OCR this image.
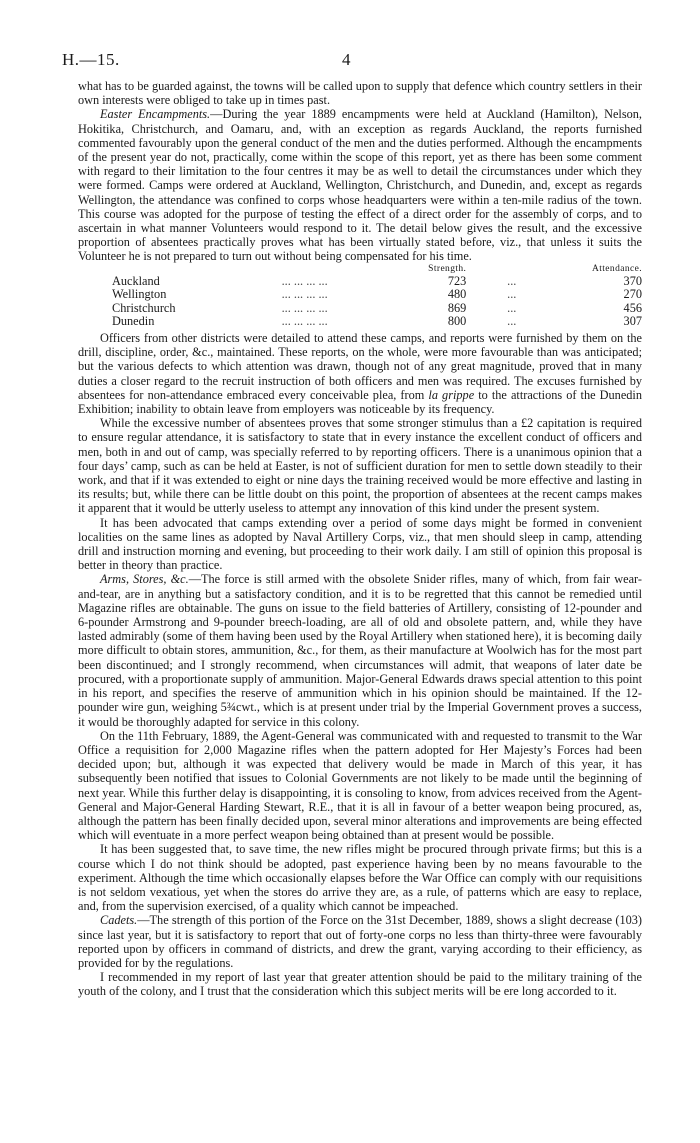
H.—15.	4

what has to be guarded against, the towns will be called upon to supply that defence which country settlers in their own interests were obliged to take up in times past.

Easter Encampments.—During the year 1889 encampments were held at Auckland (Hamilton), Nelson, Hokitika, Christchurch, and Oamaru, and, with an exception as regards Auckland, the reports furnished commented favourably upon the general conduct of the men and the duties performed. Although the encampments of the present year do not, practically, come within the scope of this report, yet as there has been some comment with regard to their limitation to the four centres it may be as well to detail the circumstances under which they were formed. Camps were ordered at Auckland, Wellington, Christchurch, and Dunedin, and, except as regards Wellington, the attendance was confined to corps whose headquarters were within a ten-mile radius of the town. This course was adopted for the purpose of testing the effect of a direct order for the assembly of corps, and to ascertain in what manner Volunteers would respond to it. The detail below gives the result, and the excessive proportion of absentees practically proves what has been virtually stated before, viz., that unless it suits the Volunteer he is not prepared to turn out without being compensated for his time.

		Strength.		Attendance.
Auckland	... ... ... ...	723	...	370
Wellington	... ... ... ...	480	...	270
Christchurch	... ... ... ...	869	...	456
Dunedin	... ... ... ...	800	...	307

Officers from other districts were detailed to attend these camps, and reports were furnished by them on the drill, discipline, order, &c., maintained. These reports, on the whole, were more favourable than was anticipated; but the various defects to which attention was drawn, though not of any great magnitude, proved that in many duties a closer regard to the recruit instruction of both officers and men was required. The excuses furnished by absentees for non-attendance embraced every conceivable plea, from la grippe to the attractions of the Dunedin Exhibition; inability to obtain leave from employers was noticeable by its frequency.

While the excessive number of absentees proves that some stronger stimulus than a £2 capitation is required to ensure regular attendance, it is satisfactory to state that in every instance the excellent conduct of officers and men, both in and out of camp, was specially referred to by reporting officers. There is a unanimous opinion that a four days’ camp, such as can be held at Easter, is not of sufficient duration for men to settle down steadily to their work, and that if it was extended to eight or nine days the training received would be more effective and lasting in its results; but, while there can be little doubt on this point, the proportion of absentees at the recent camps makes it apparent that it would be utterly useless to attempt any innovation of this kind under the present system.

It has been advocated that camps extending over a period of some days might be formed in convenient localities on the same lines as adopted by Naval Artillery Corps, viz., that men should sleep in camp, attending drill and instruction morning and evening, but proceeding to their work daily. I am still of opinion this proposal is better in theory than practice.

Arms, Stores, &c.—The force is still armed with the obsolete Snider rifles, many of which, from fair wear-and-tear, are in anything but a satisfactory condition, and it is to be regretted that this cannot be remedied until Magazine rifles are obtainable. The guns on issue to the field batteries of Artillery, consisting of 12-pounder and 6-pounder Armstrong and 9-pounder breech-loading, are all of old and obsolete pattern, and, while they have lasted admirably (some of them having been used by the Royal Artillery when stationed here), it is becoming daily more difficult to obtain stores, ammunition, &c., for them, as their manufacture at Woolwich has for the most part been discontinued; and I strongly recommend, when circumstances will admit, that weapons of later date be procured, with a proportionate supply of ammunition. Major-General Edwards draws special attention to this point in his report, and specifies the reserve of ammunition which in his opinion should be maintained. If the 12-pounder wire gun, weighing 5¾cwt., which is at present under trial by the Imperial Government proves a success, it would be thoroughly adapted for service in this colony.

On the 11th February, 1889, the Agent-General was communicated with and requested to transmit to the War Office a requisition for 2,000 Magazine rifles when the pattern adopted for Her Majesty’s Forces had been decided upon; but, although it was expected that delivery would be made in March of this year, it has subsequently been notified that issues to Colonial Governments are not likely to be made until the beginning of next year. While this further delay is disappointing, it is consoling to know, from advices received from the Agent-General and Major-General Harding Stewart, R.E., that it is all in favour of a better weapon being procured, as, although the pattern has been finally decided upon, several minor alterations and improvements are being effected which will eventuate in a more perfect weapon being obtained than at present would be possible.

It has been suggested that, to save time, the new rifles might be procured through private firms; but this is a course which I do not think should be adopted, past experience having been by no means favourable to the experiment. Although the time which occasionally elapses before the War Office can comply with our requisitions is not seldom vexatious, yet when the stores do arrive they are, as a rule, of patterns which are easy to replace, and, from the supervision exercised, of a quality which cannot be impeached.

Cadets.—The strength of this portion of the Force on the 31st December, 1889, shows a slight decrease (103) since last year, but it is satisfactory to report that out of forty-one corps no less than thirty-three were favourably reported upon by officers in command of districts, and drew the grant, varying according to their efficiency, as provided for by the regulations.

I recommended in my report of last year that greater attention should be paid to the military training of the youth of the colony, and I trust that the consideration which this subject merits will be ere long accorded to it.
